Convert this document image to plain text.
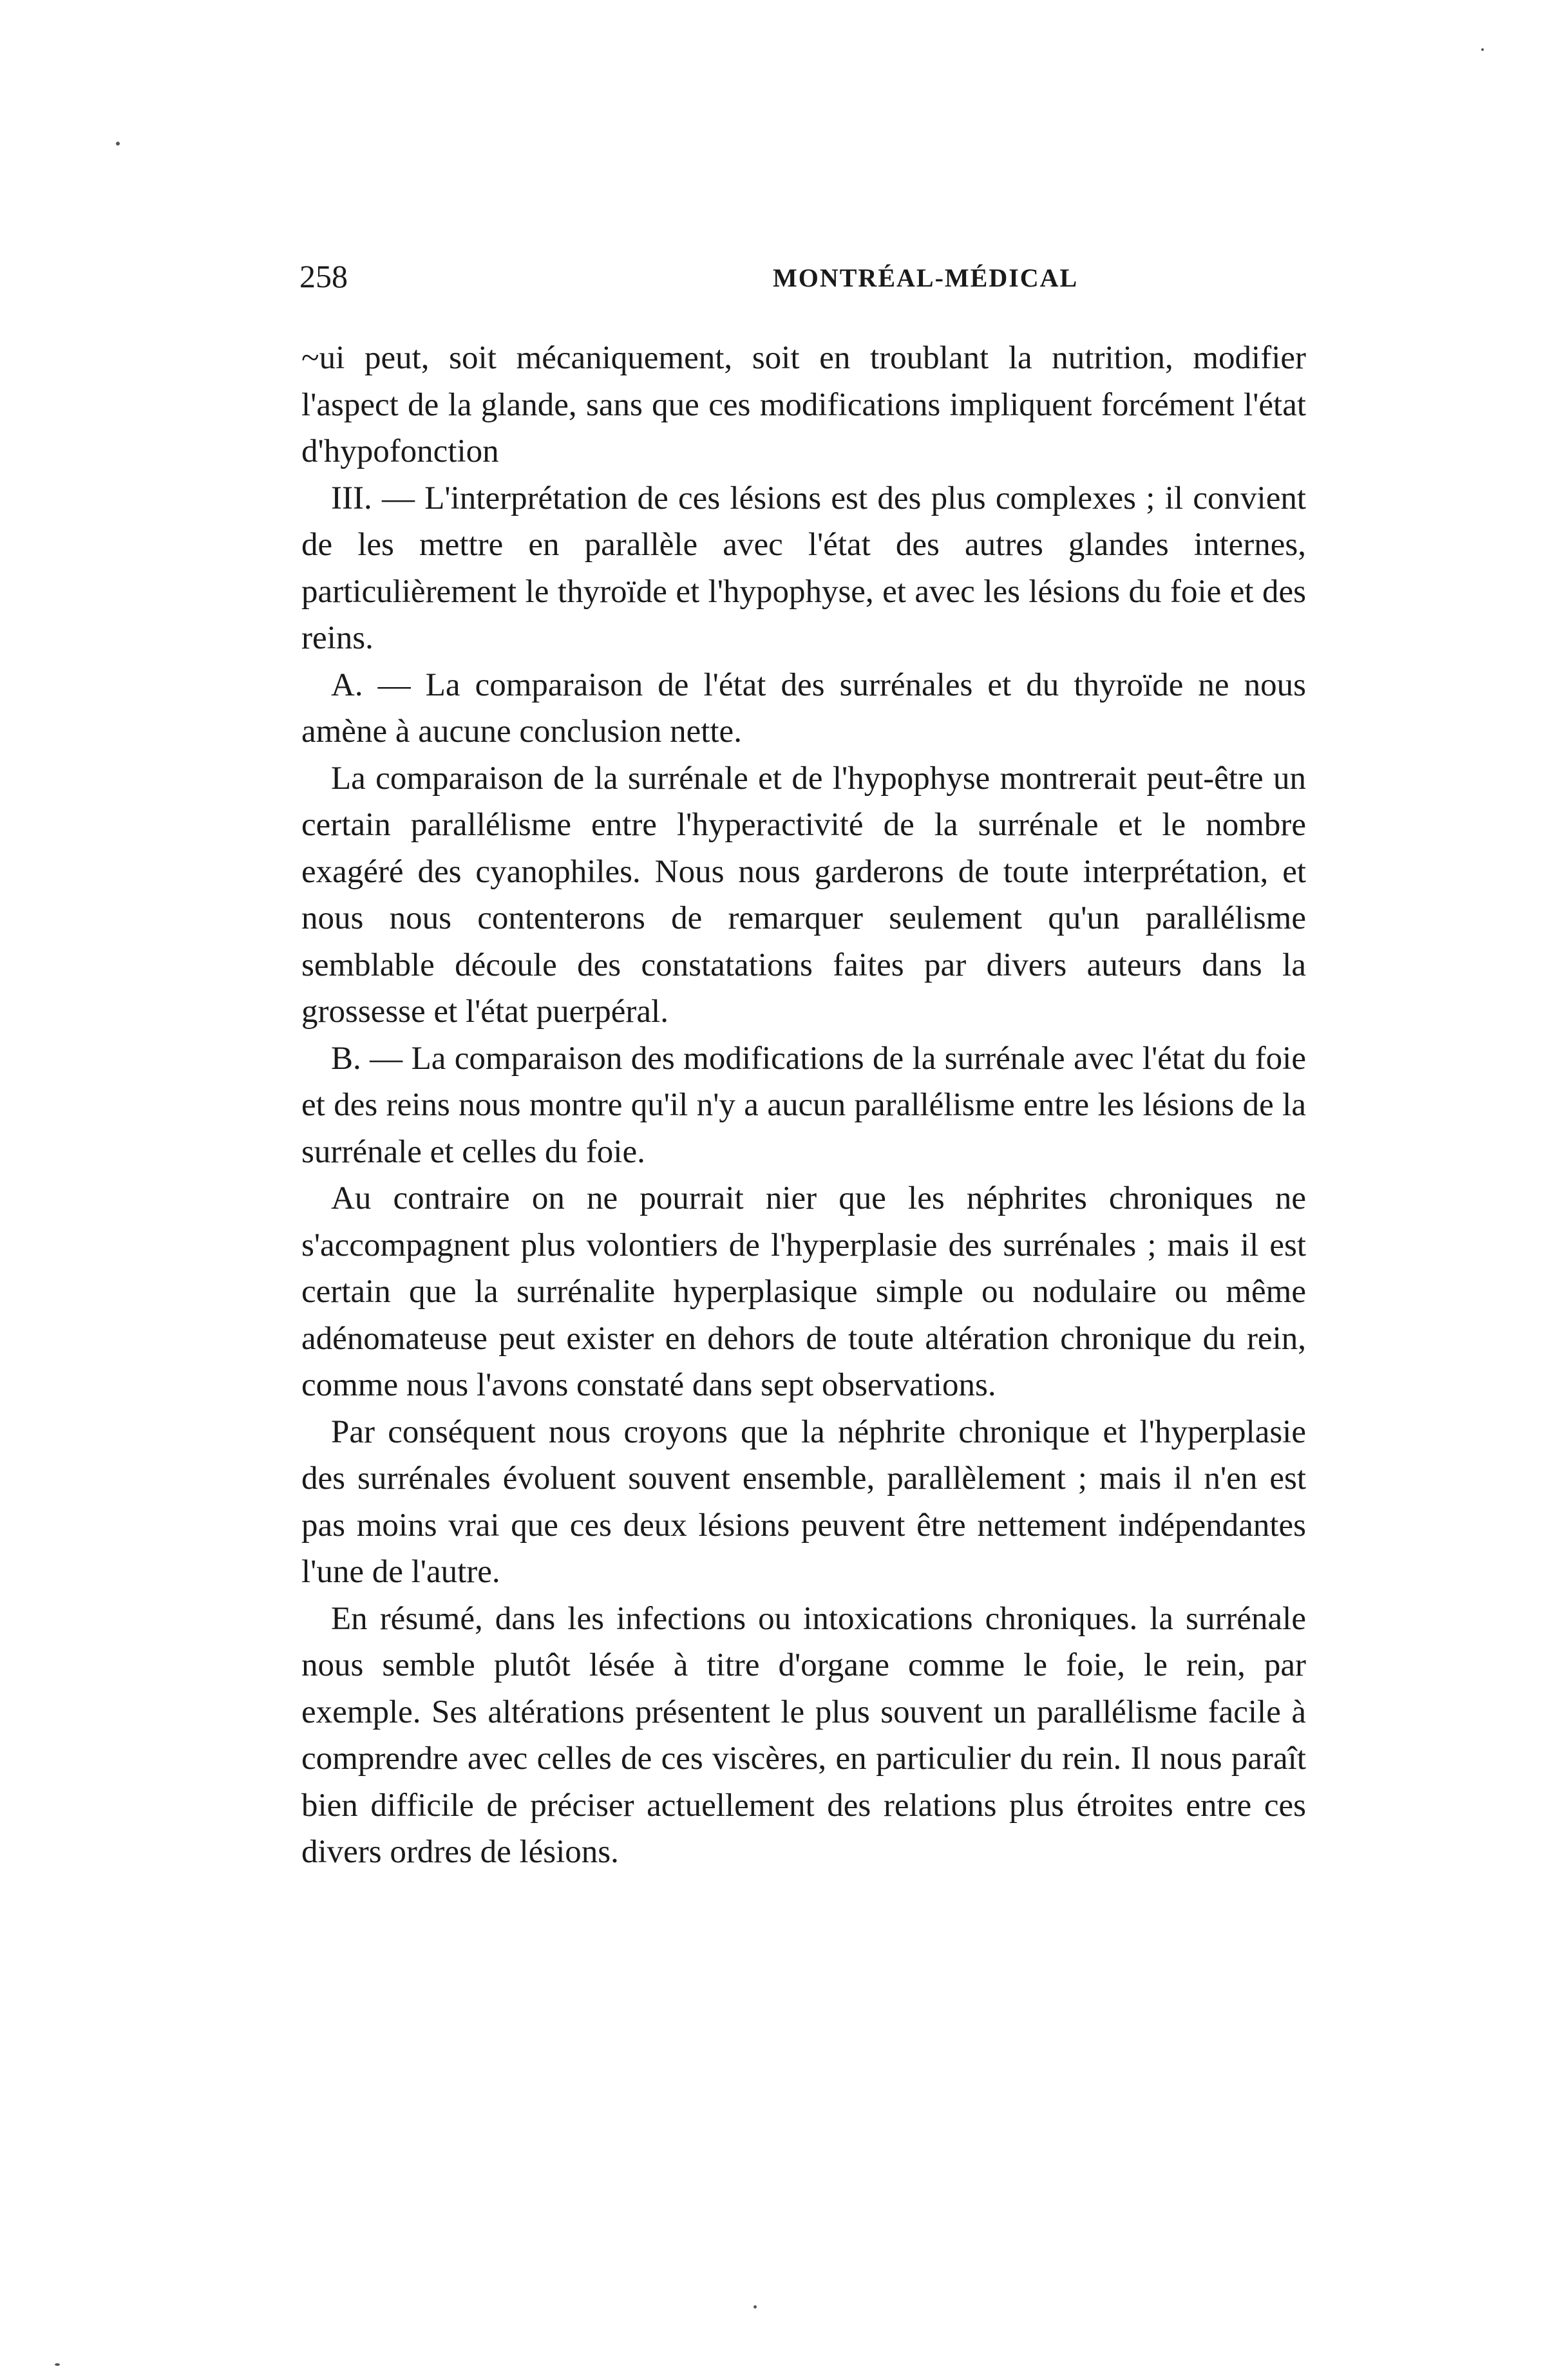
258	MONTRÉAL-MÉDICAL

~ui peut, soit mécaniquement, soit en troublant la nutrition, modifier l'aspect de la glande, sans que ces modifications impliquent forcément l'état d'hypofonction

III. — L'interprétation de ces lésions est des plus complexes ; il convient de les mettre en parallèle avec l'état des autres glandes internes, particulièrement le thyroïde et l'hypophyse, et avec les lésions du foie et des reins.

A. — La comparaison de l'état des surrénales et du thyroïde ne nous amène à aucune conclusion nette.

La comparaison de la surrénale et de l'hypophyse montrerait peut-être un certain parallélisme entre l'hyperactivité de la surrénale et le nombre exagéré des cyanophiles. Nous nous garderons de toute interprétation, et nous nous contenterons de remarquer seulement qu'un parallélisme semblable découle des constatations faites par divers auteurs dans la grossesse et l'état puerpéral.

B. — La comparaison des modifications de la surrénale avec l'état du foie et des reins nous montre qu'il n'y a aucun parallélisme entre les lésions de la surrénale et celles du foie.

Au contraire on ne pourrait nier que les néphrites chroniques ne s'accompagnent plus volontiers de l'hyperplasie des surrénales ; mais il est certain que la surrénalite hyperplasique simple ou nodulaire ou même adénomateuse peut exister en dehors de toute altération chronique du rein, comme nous l'avons constaté dans sept observations.

Par conséquent nous croyons que la néphrite chronique et l'hyperplasie des surrénales évoluent souvent ensemble, parallèlement ; mais il n'en est pas moins vrai que ces deux lésions peuvent être nettement indépendantes l'une de l'autre.

En résumé, dans les infections ou intoxications chroniques. la surrénale nous semble plutôt lésée à titre d'organe comme le foie, le rein, par exemple. Ses altérations présentent le plus souvent un parallélisme facile à comprendre avec celles de ces viscères, en particulier du rein. Il nous paraît bien difficile de préciser actuellement des relations plus étroites entre ces divers ordres de lésions.
